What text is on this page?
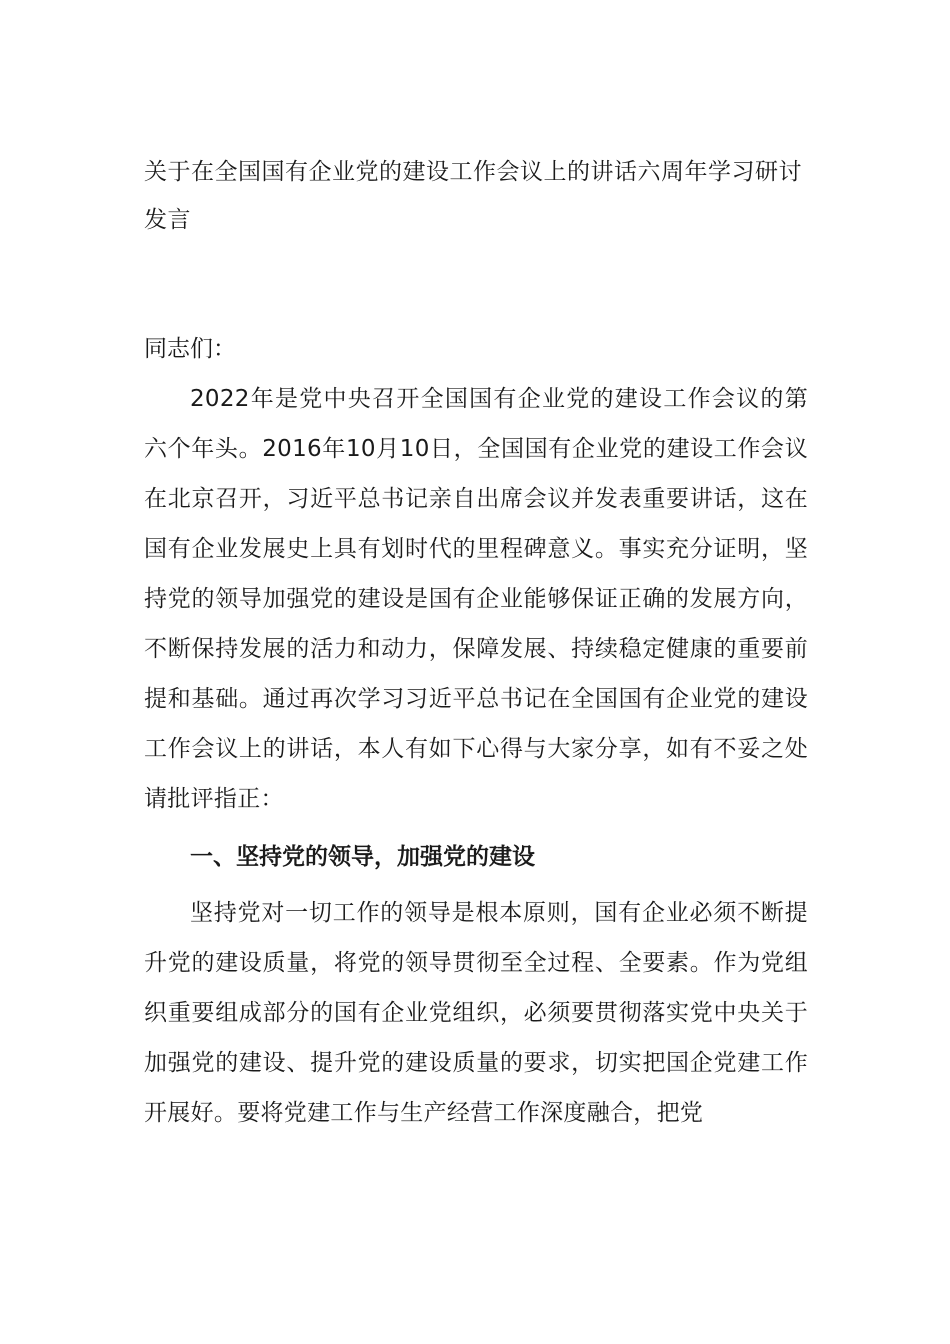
关于在全国国有企业党的建设工作会议上的讲话六周年学习研讨发言

同志们：

2022年是党中央召开全国国有企业党的建设工作会议的第六个年头。2016年10月10日，全国国有企业党的建设工作会议在北京召开，习近平总书记亲自出席会议并发表重要讲话，这在国有企业发展史上具有划时代的里程碑意义。事实充分证明，坚持党的领导加强党的建设是国有企业能够保证正确的发展方向，不断保持发展的活力和动力，保障发展、持续稳定健康的重要前提和基础。通过再次学习习近平总书记在全国国有企业党的建设工作会议上的讲话，本人有如下心得与大家分享，如有不妥之处请批评指正：

一、坚持党的领导，加强党的建设

坚持党对一切工作的领导是根本原则，国有企业必须不断提升党的建设质量，将党的领导贯彻至全过程、全要素。作为党组织重要组成部分的国有企业党组织，必须要贯彻落实党中央关于加强党的建设、提升党的建设质量的要求，切实把国企党建工作开展好。要将党建工作与生产经营工作深度融合，把党
